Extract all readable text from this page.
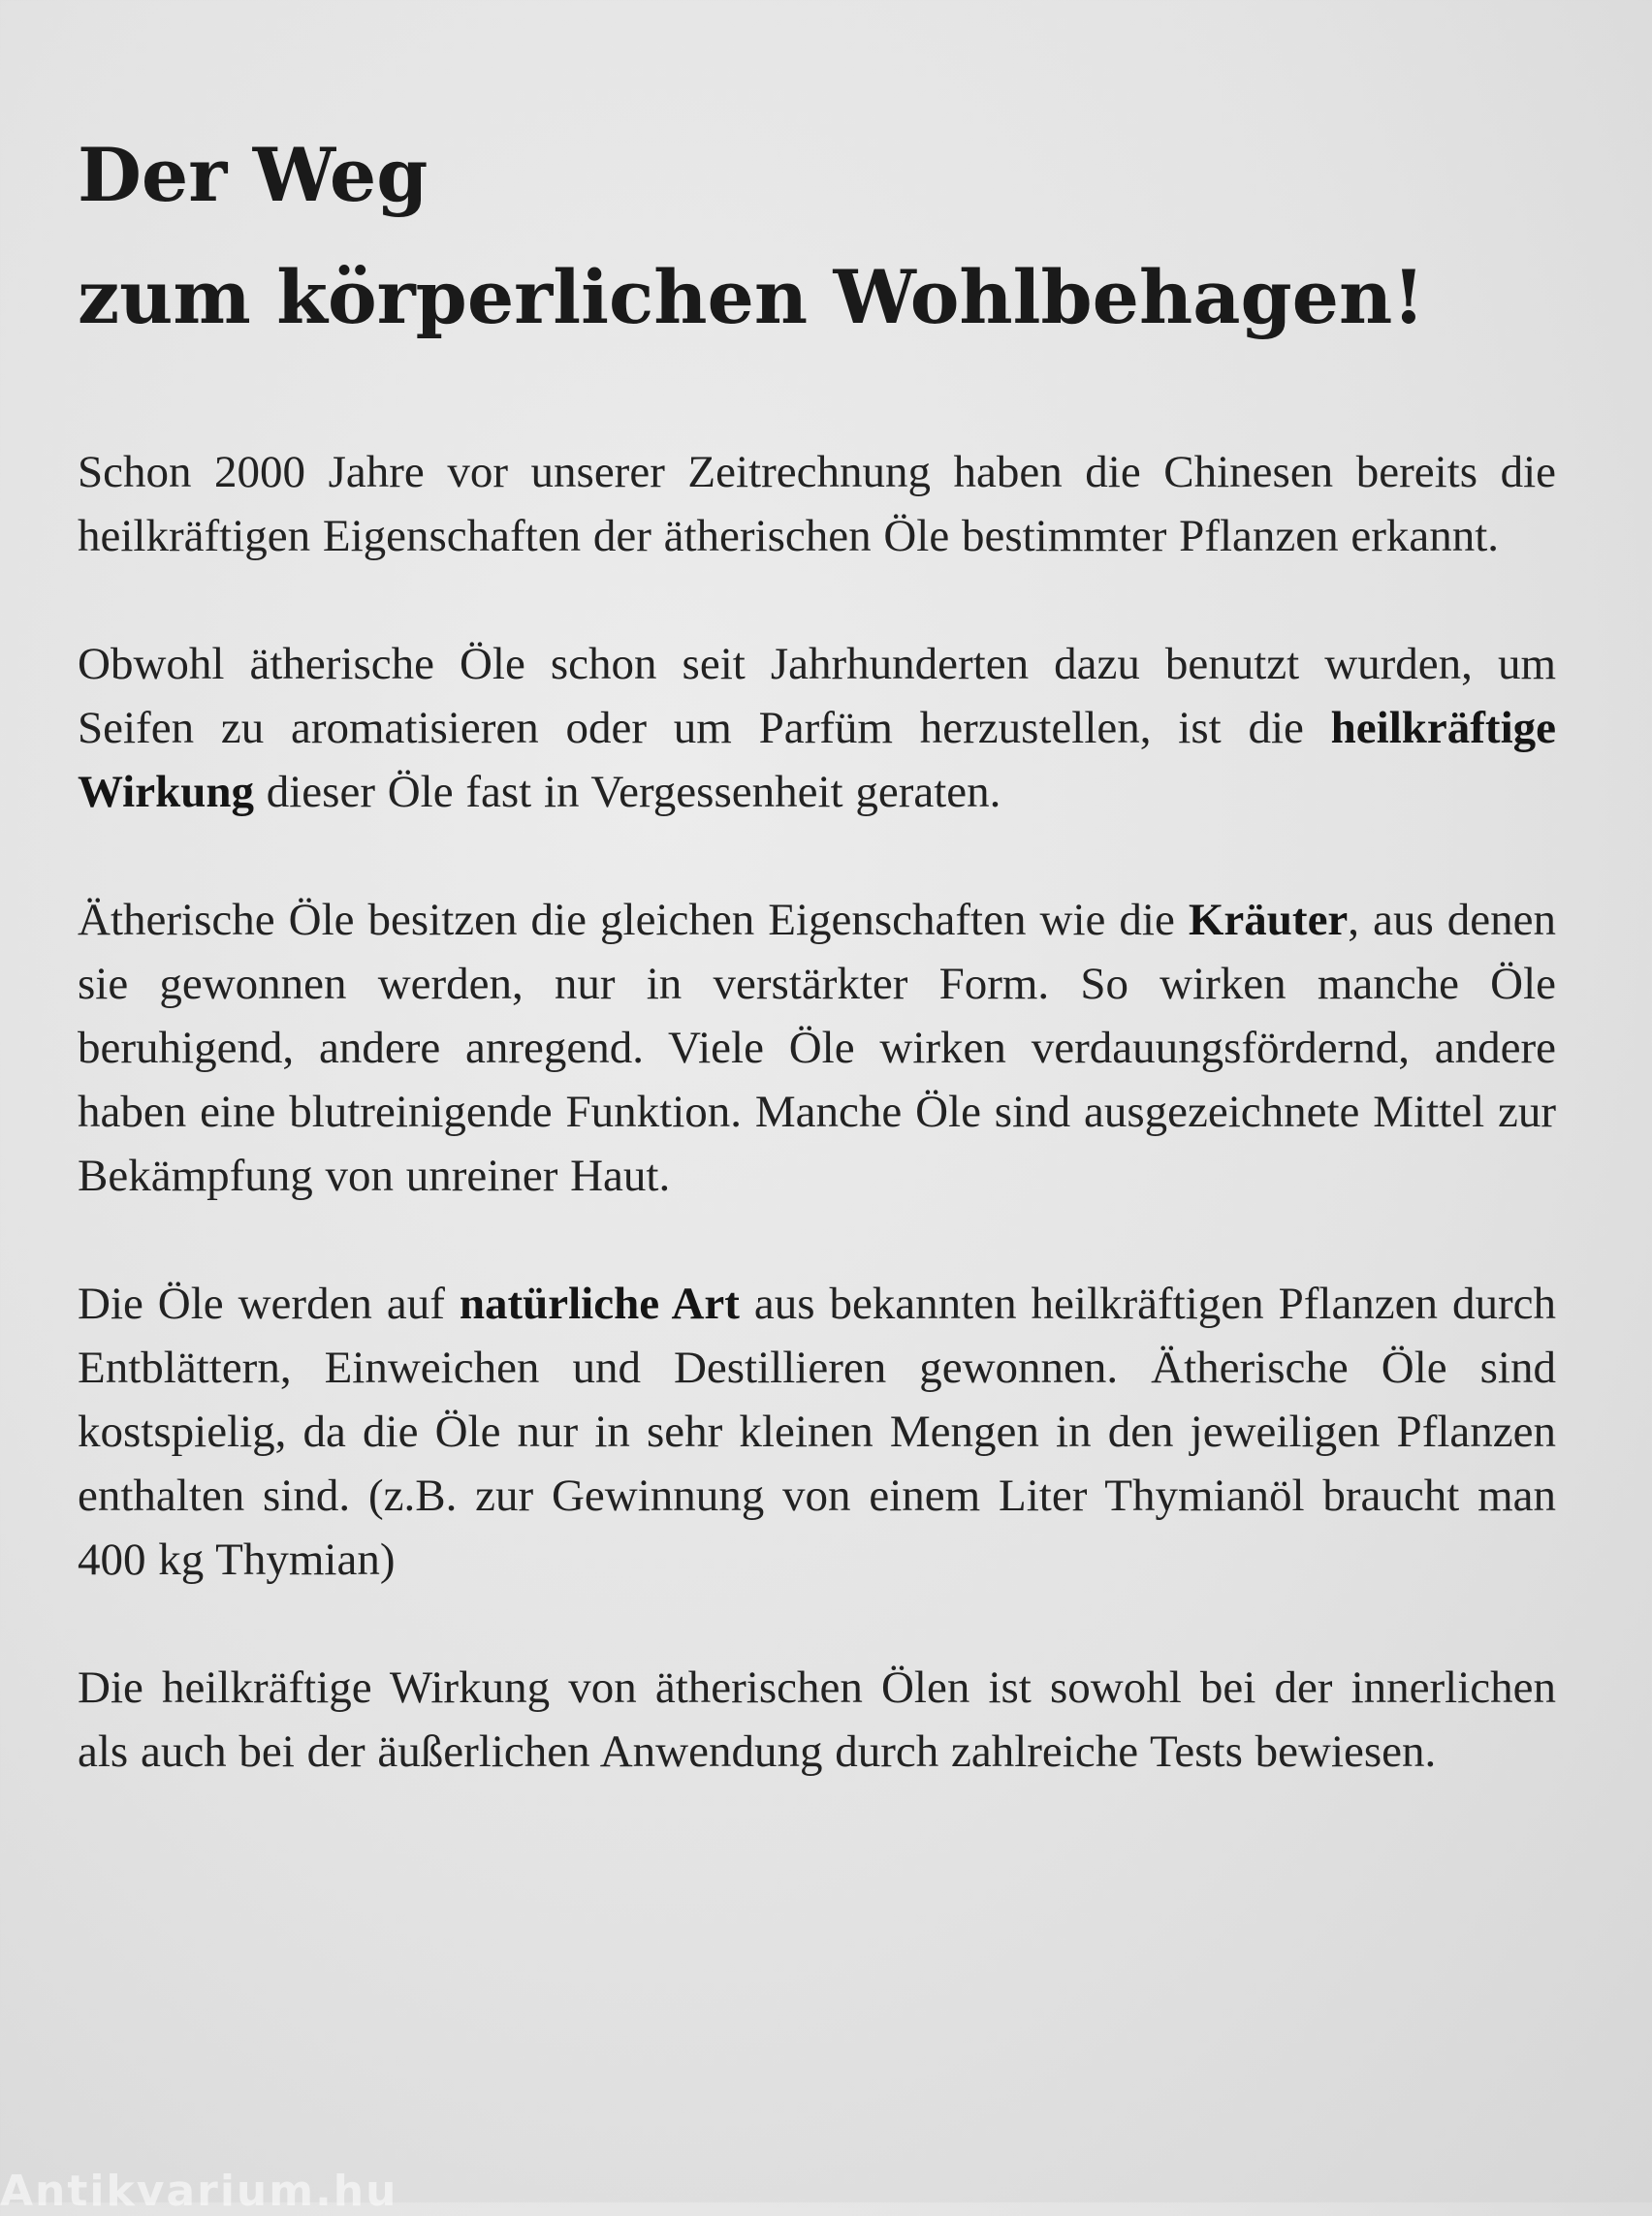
Der Weg
zum körperlichen Wohlbehagen!

Schon 2000 Jahre vor unserer Zeitrechnung haben die Chinesen bereits die heilkräftigen Eigenschaften der ätherischen Öle bestimmter Pflanzen erkannt.

Obwohl ätherische Öle schon seit Jahrhunderten dazu benutzt wurden, um Seifen zu aromatisieren oder um Parfüm herzustellen, ist die heilkräftige Wirkung dieser Öle fast in Vergessenheit geraten.

Ätherische Öle besitzen die gleichen Eigenschaften wie die Kräuter, aus denen sie gewonnen werden, nur in verstärkter Form. So wirken manche Öle beruhigend, andere anregend. Viele Öle wirken verdauungsfördernd, andere haben eine blutreinigende Funktion. Manche Öle sind ausgezeichnete Mittel zur Bekämpfung von unreiner Haut.

Die Öle werden auf natürliche Art aus bekannten heilkräftigen Pflanzen durch Entblättern, Einweichen und Destillieren gewonnen. Ätherische Öle sind kostspielig, da die Öle nur in sehr kleinen Mengen in den jeweiligen Pflanzen enthalten sind. (z.B. zur Gewinnung von einem Liter Thymianöl braucht man 400 kg Thymian)

Die heilkräftige Wirkung von ätherischen Ölen ist sowohl bei der innerlichen als auch bei der äußerlichen Anwendung durch zahlreiche Tests bewiesen.

Antikvarium.hu
